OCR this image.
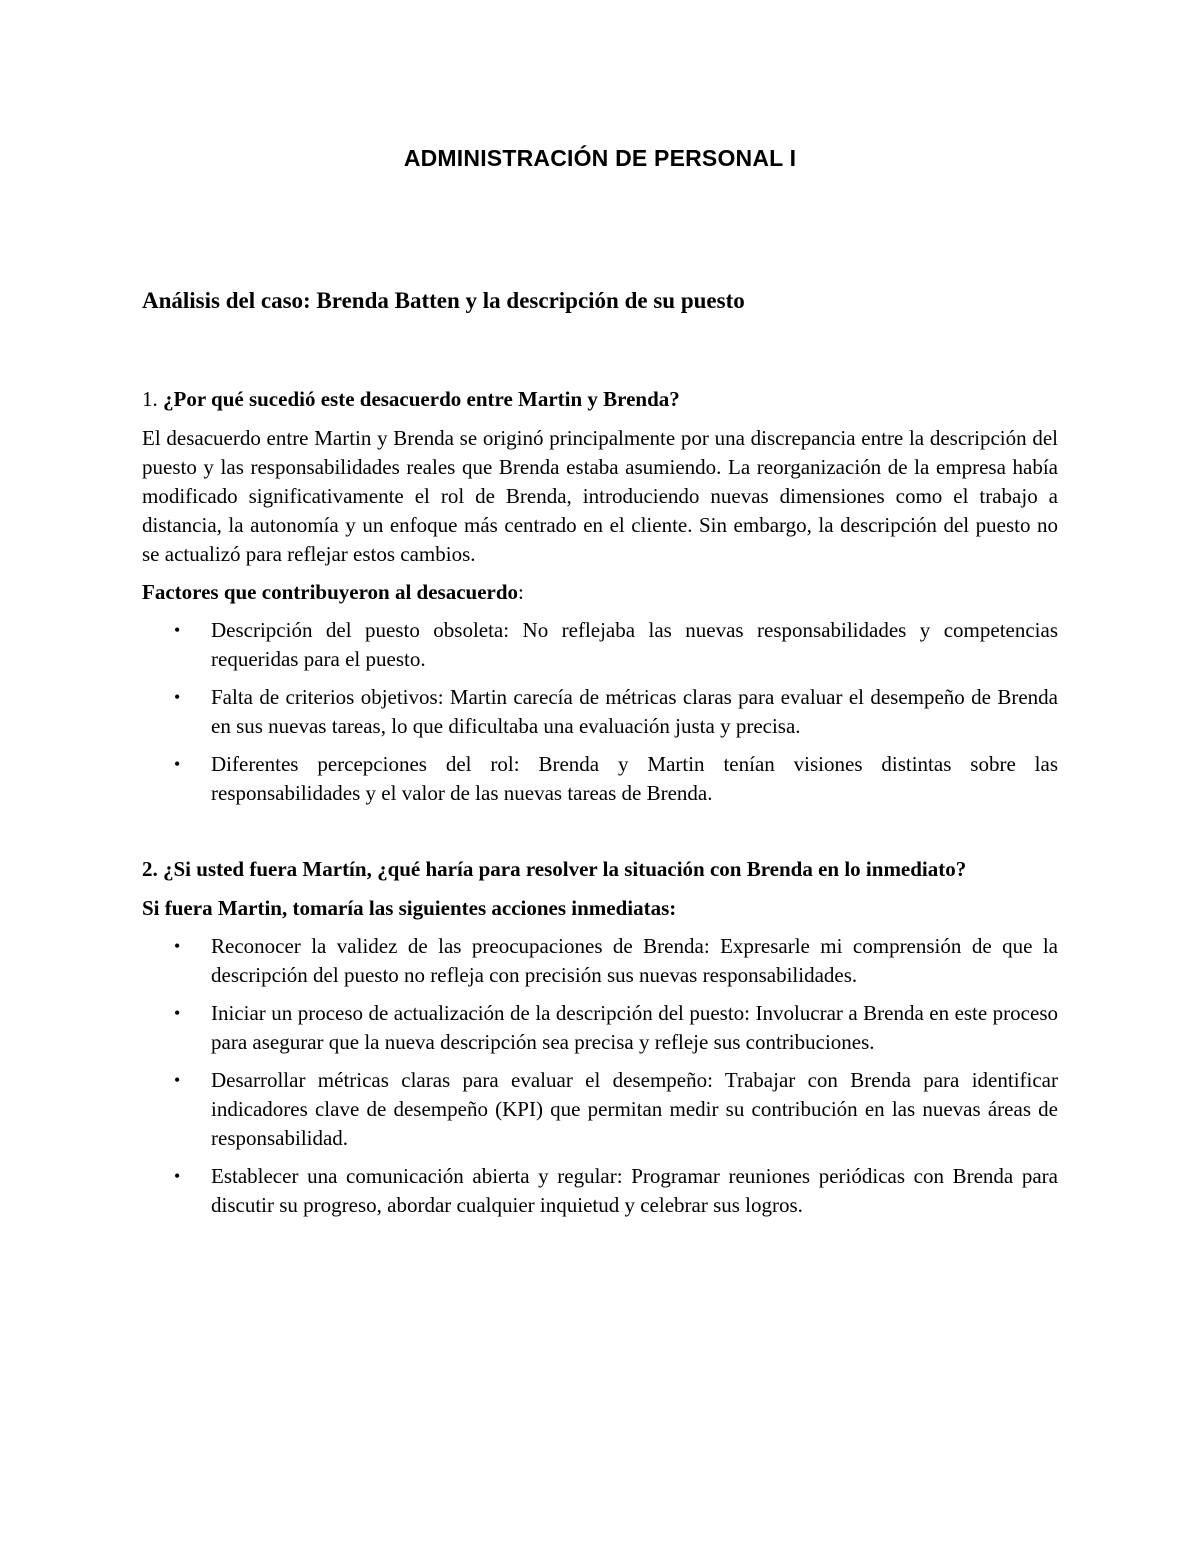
ADMINISTRACIÓN DE PERSONAL I
Análisis del caso: Brenda Batten y la descripción de su puesto

1. ¿Por qué sucedió este desacuerdo entre Martin y Brenda?

El desacuerdo entre Martin y Brenda se originó principalmente por una discrepancia entre la descripción del puesto y las responsabilidades reales que Brenda estaba asumiendo. La reorganización de la empresa había modificado significativamente el rol de Brenda, introduciendo nuevas dimensiones como el trabajo a distancia, la autonomía y un enfoque más centrado en el cliente. Sin embargo, la descripción del puesto no se actualizó para reflejar estos cambios.

Factores que contribuyeron al desacuerdo:

• Descripción del puesto obsoleta: No reflejaba las nuevas responsabilidades y competencias requeridas para el puesto.
• Falta de criterios objetivos: Martin carecía de métricas claras para evaluar el desempeño de Brenda en sus nuevas tareas, lo que dificultaba una evaluación justa y precisa.
• Diferentes percepciones del rol: Brenda y Martin tenían visiones distintas sobre las responsabilidades y el valor de las nuevas tareas de Brenda.

2. ¿Si usted fuera Martín, ¿qué haría para resolver la situación con Brenda en lo inmediato?

Si fuera Martin, tomaría las siguientes acciones inmediatas:

• Reconocer la validez de las preocupaciones de Brenda: Expresarle mi comprensión de que la descripción del puesto no refleja con precisión sus nuevas responsabilidades.
• Iniciar un proceso de actualización de la descripción del puesto: Involucrar a Brenda en este proceso para asegurar que la nueva descripción sea precisa y refleje sus contribuciones.
• Desarrollar métricas claras para evaluar el desempeño: Trabajar con Brenda para identificar indicadores clave de desempeño (KPI) que permitan medir su contribución en las nuevas áreas de responsabilidad.
• Establecer una comunicación abierta y regular: Programar reuniones periódicas con Brenda para discutir su progreso, abordar cualquier inquietud y celebrar sus logros.
